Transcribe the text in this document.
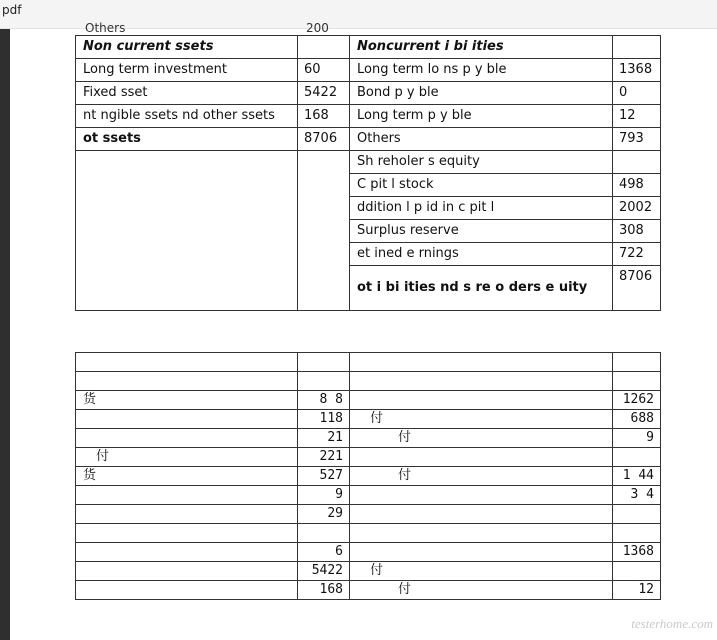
pdf
Others	200
Non current ssets		Noncurrent i bi ities	
Long term investment	60	Long term lo ns p y ble	1368
Fixed sset	5422	Bond p y ble	0
nt ngible ssets nd other ssets	168	Long term p y ble	12
ot ssets	8706	Others	793
		Sh reholer s equity	
		C pit l stock	498
		ddition l p id in c pit l	2002
		Surplus reserve	308
		et ined e rnings	722
		ot i bi ities nd s re o ders e uity	8706

货	8 8		1262
	118	付	688
	21	付	9
付	221		
货	527	付	1 44
	9		3 4
	29		

	6		1368
	5422	付	
	168	付	12
testerhome.com
